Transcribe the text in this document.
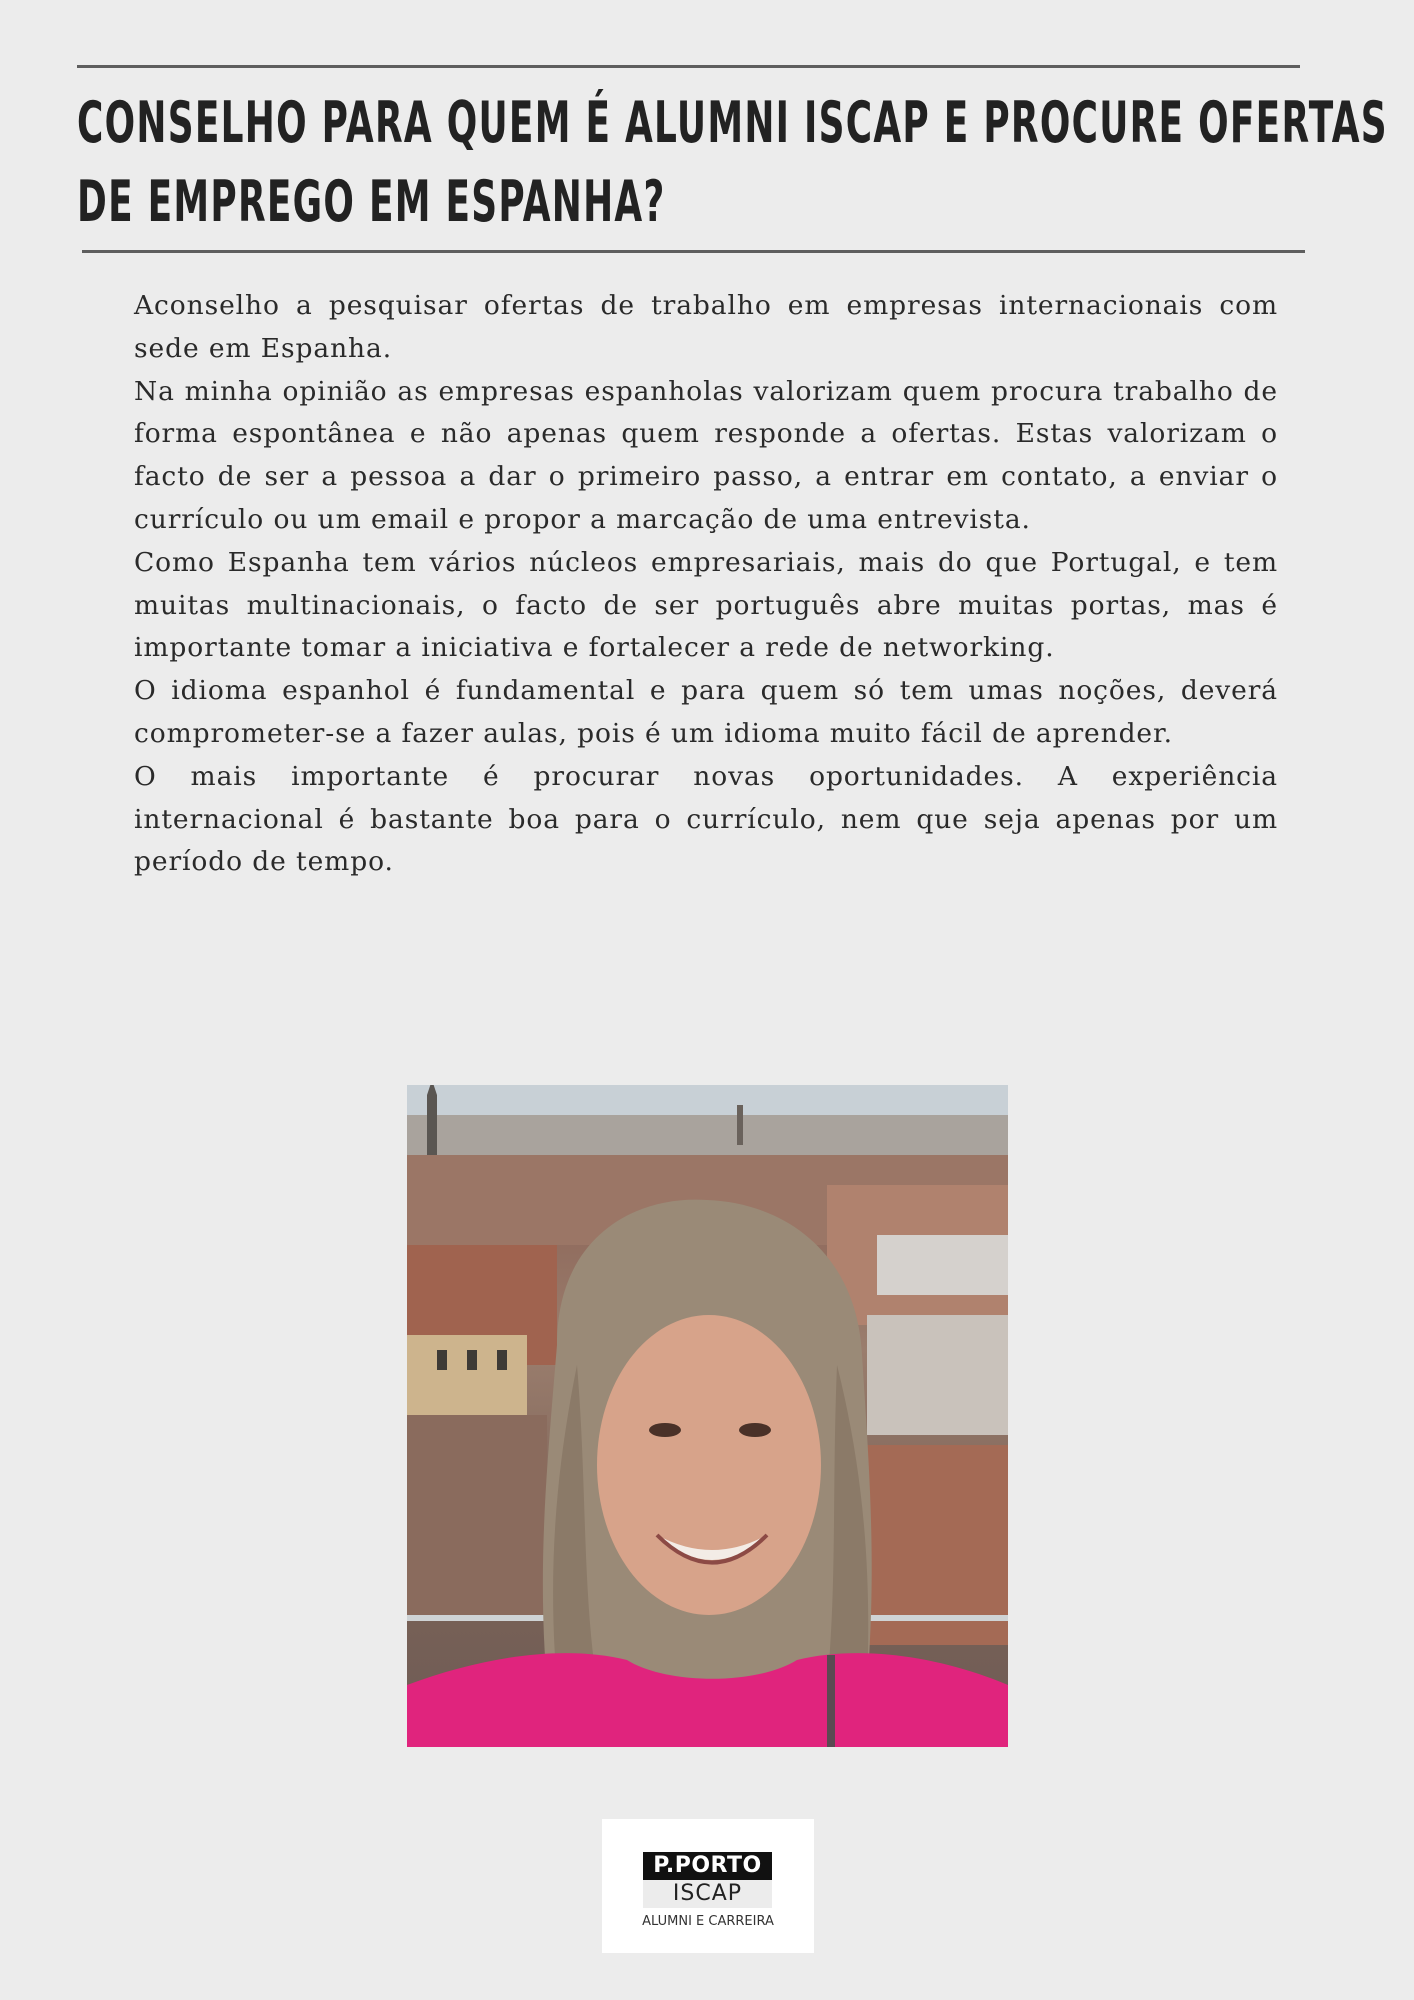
CONSELHO PARA QUEM É ALUMNI ISCAP E PROCURE OFERTAS
DE EMPREGO EM ESPANHA?

Aconselho a pesquisar ofertas de trabalho em empresas internacionais com sede em Espanha.

Na minha opinião as empresas espanholas valorizam quem procura trabalho de forma espontânea e não apenas quem responde a ofertas. Estas valorizam o facto de ser a pessoa a dar o primeiro passo, a entrar em contato, a enviar o currículo ou um email e propor a marcação de uma entrevista.

Como Espanha tem vários núcleos empresariais, mais do que Portugal, e tem muitas multinacionais, o facto de ser português abre muitas portas, mas é importante tomar a iniciativa e fortalecer a rede de networking.

O idioma espanhol é fundamental e para quem só tem umas noções, deverá comprometer-se a fazer aulas, pois é um idioma muito fácil de aprender.

O mais importante é procurar novas oportunidades. A experiência internacional é bastante boa para o currículo, nem que seja apenas por um período de tempo.

P.PORTO
ISCAP
ALUMNI E CARREIRA
